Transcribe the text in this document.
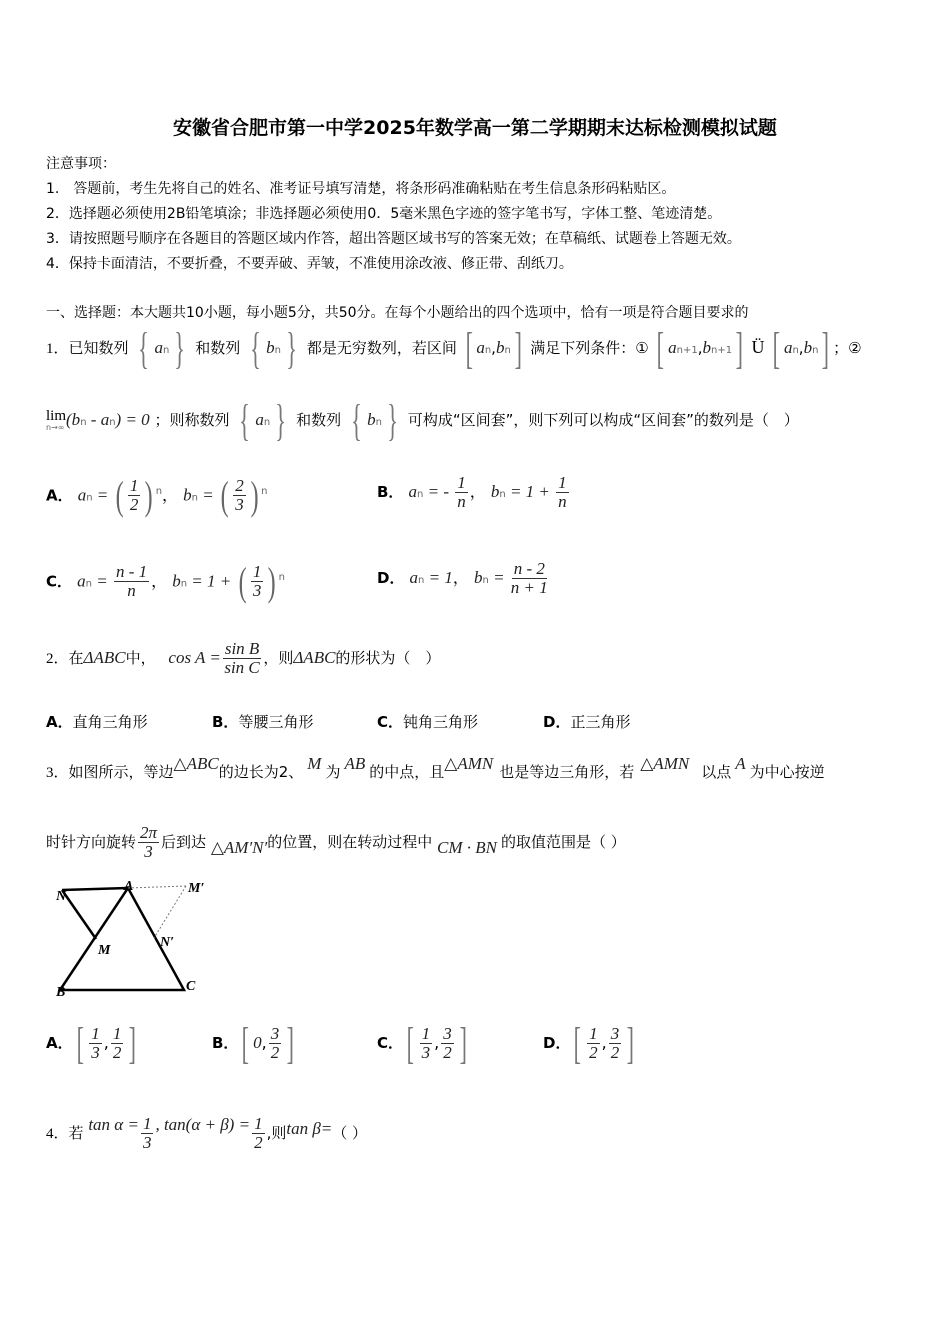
安徽省合肥市第一中学2025年数学高一第二学期期末达标检测模拟试题
注意事项：
1.　答题前，考生先将自己的姓名、准考证号填写清楚，将条形码准确粘贴在考生信息条形码粘贴区。
2．选择题必须使用2B铅笔填涂；非选择题必须使用0．5毫米黑色字迹的签字笔书写，字体工整、笔迹清楚。
3．请按照题号顺序在各题目的答题区域内作答，超出答题区域书写的答案无效；在草稿纸、试题卷上答题无效。
4．保持卡面清洁，不要折叠，不要弄破、弄皱，不准使用涂改液、修正带、刮纸刀。
一、选择题：本大题共10小题，每小题5分，共50分。在每个小题给出的四个选项中，恰有一项是符合题目要求的
1．已知数列 { an } 和数列 { bn } 都是无穷数列，若区间 [ an,bn] 满足下列条件：① [ an+1,bn+1] Ü [ an,bn] ；②
lim
n→∞ (bn - an) = 0 ；则称数列 { an } 和数列 { bn } 可构成“区间套”，则下列可以构成“区间套”的数列是（　）
A． an = ( $\frac{1}{2}$ ) $^n$， bn = ( $\frac{2}{3}$ ) $^n$	B． an = - $\frac{1}{n}$ ， bn = $1 + \frac{1}{n}$
C． an = $\frac{n - 1}{n}$ ， bn = 1 + ( $\frac{1}{3}$ ) $^n$	D． an = 1， bn = $\frac{n - 2}{n + 1}$
2．在ΔABC中， $\cos A = \frac{\text{sin B}}{\text{sin C}}$ ，则ΔABC的形状为（　）
A．直角三角形	B．等腰三角形	C．钝角三角形	D．正三角形
3．如图所示，等边△ABC的边长为2、 M 为 AB 的中点，且△AMN 也是等边三角形，若 △AMN 以点 A 为中心按逆
时针方向旋转 $\frac{2\pi}{3}$ 后到达 △AM′N′的位置，则在转动过程中 CM · BN 的取值范围是（ ）
N
A	M′
M
N′
B	C
A．[ $\frac{1}{3}$ , $\frac{1}{2}$ ]	B．[ 0, $\frac{3}{2}$ ]	C．[ $\frac{1}{3}$ , $\frac{3}{2}$ ]	D．[ $\frac{1}{2}$ , $\frac{3}{2}$ ]
4．若 $\tan \alpha = \frac{1}{3}$ , $\tan(\alpha + \beta) = \frac{1}{2}$ ,则tan β=（ ）
